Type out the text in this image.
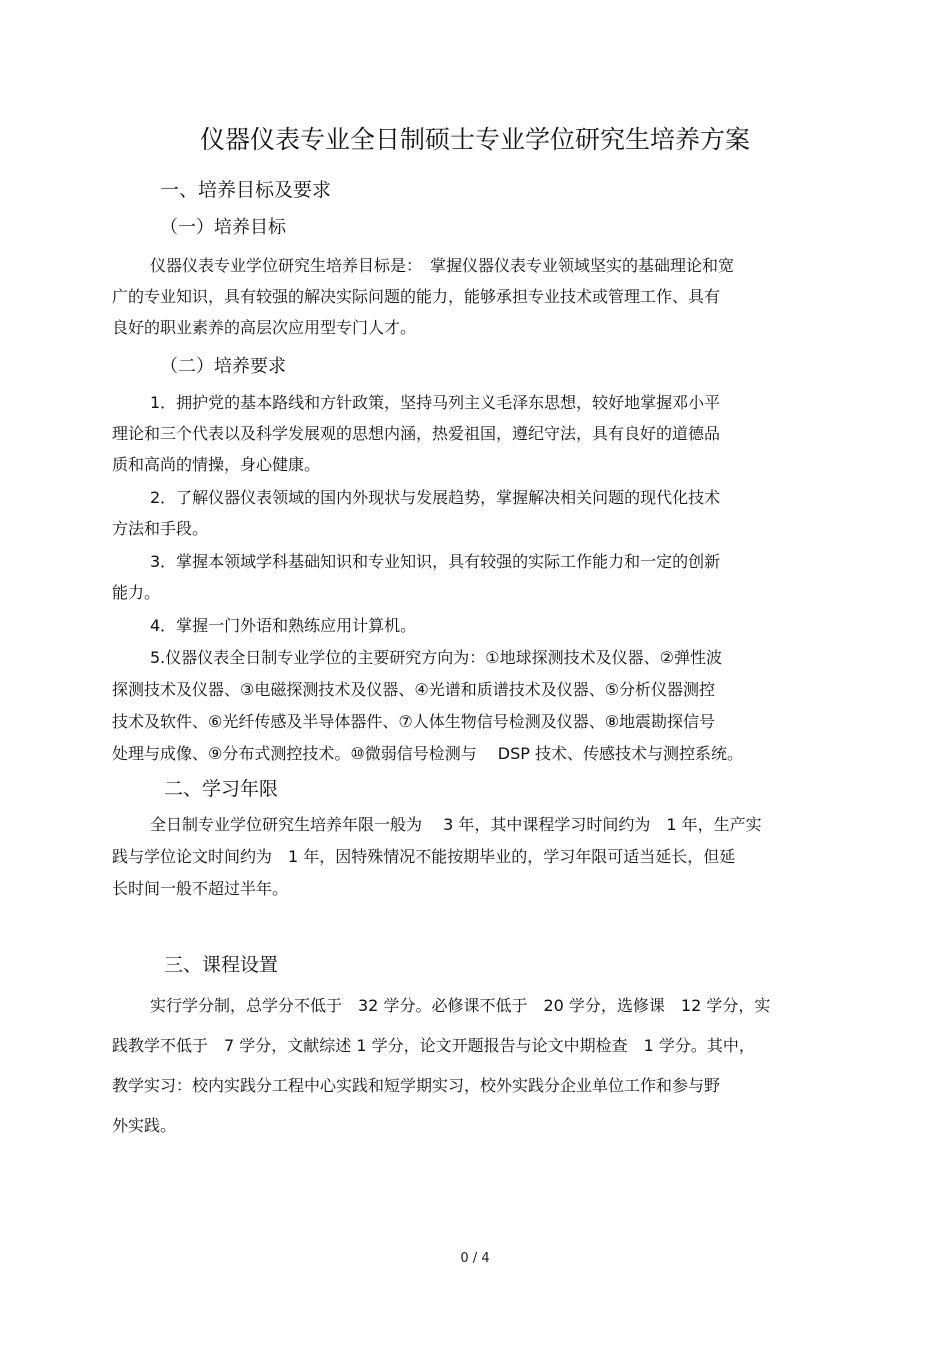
仪器仪表专业全日制硕士专业学位研究生培养方案
一、培养目标及要求
（一）培养目标
仪器仪表专业学位研究生培养目标是：　掌握仪器仪表专业领域坚实的基础理论和宽
广的专业知识，具有较强的解决实际问题的能力，能够承担专业技术或管理工作、具有
良好的职业素养的高层次应用型专门人才。
（二）培养要求
1．拥护党的基本路线和方针政策，坚持马列主义毛泽东思想，较好地掌握邓小平
理论和三个代表以及科学发展观的思想内涵，热爱祖国，遵纪守法，具有良好的道德品
质和高尚的情操，身心健康。
2．了解仪器仪表领域的国内外现状与发展趋势，掌握解决相关问题的现代化技术
方法和手段。
3．掌握本领域学科基础知识和专业知识，具有较强的实际工作能力和一定的创新
能力。
4．掌握一门外语和熟练应用计算机。
5.仪器仪表全日制专业学位的主要研究方向为：①地球探测技术及仪器、②弹性波
探测技术及仪器、③电磁探测技术及仪器、④光谱和质谱技术及仪器、⑤分析仪器测控
技术及软件、⑥光纤传感及半导体器件、⑦人体生物信号检测及仪器、⑧地震勘探信号
处理与成像、⑨分布式测控技术。⑩微弱信号检测与　 DSP 技术、传感技术与测控系统。
二、学习年限
全日制专业学位研究生培养年限一般为　 3 年，其中课程学习时间约为　1 年，生产实
践与学位论文时间约为　1 年，因特殊情况不能按期毕业的，学习年限可适当延长，但延
长时间一般不超过半年。
三、课程设置
实行学分制，总学分不低于　32 学分。必修课不低于　20 学分，选修课　12 学分，实
践教学不低于　7 学分，文献综述 1 学分，论文开题报告与论文中期检查　1 学分。其中，
教学实习：校内实践分工程中心实践和短学期实习，校外实践分企业单位工作和参与野
外实践。
0 / 4
